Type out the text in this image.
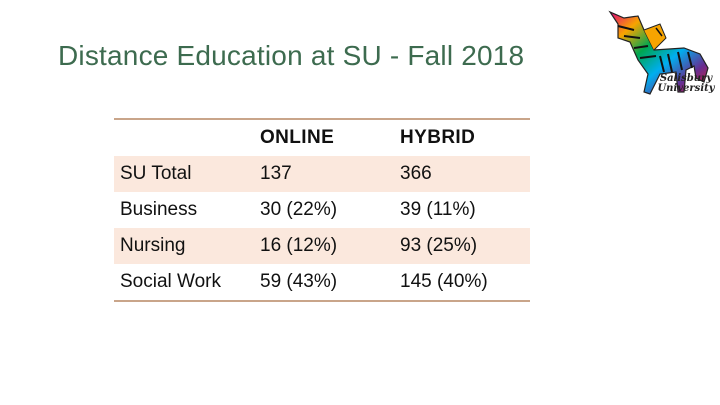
Distance Education at SU - Fall 2018
Salisbury University
	ONLINE	HYBRID
SU Total	137	366
Business	30 (22%)	39 (11%)
Nursing	16 (12%)	93 (25%)
Social Work	59 (43%)	145 (40%)
